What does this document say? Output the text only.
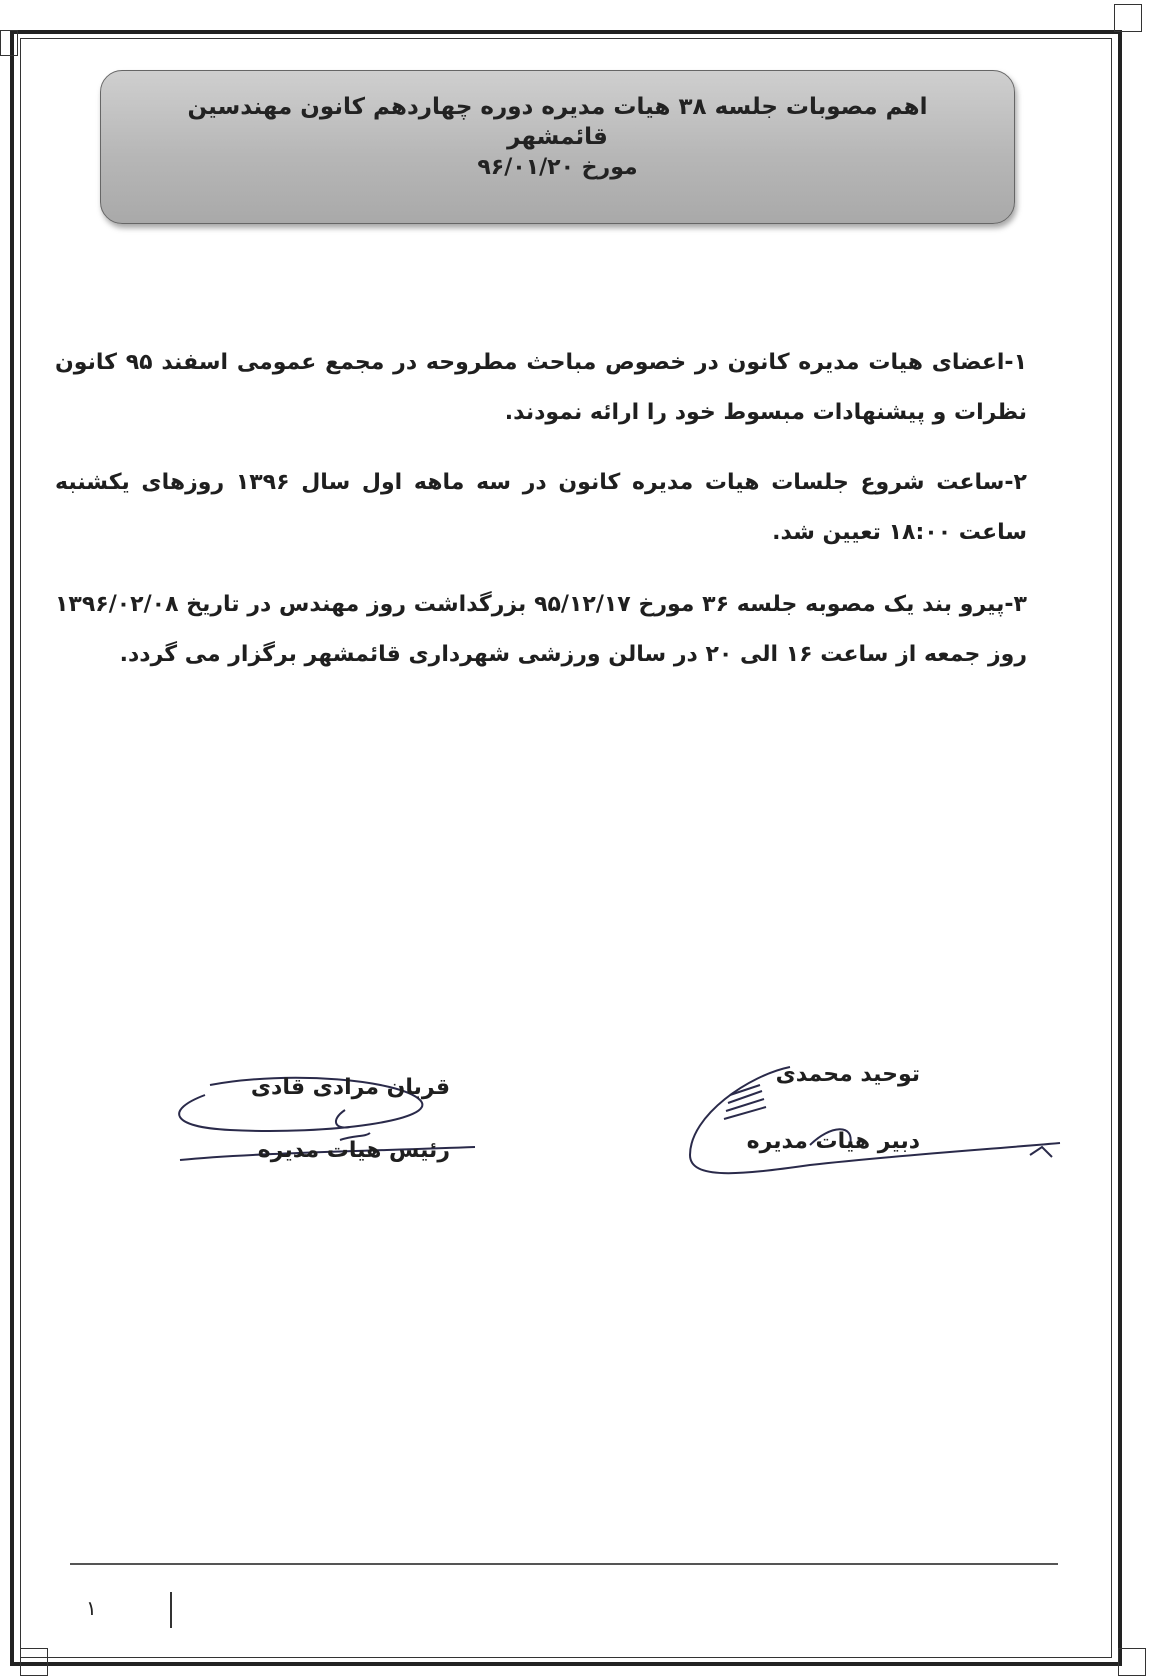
اهم مصوبات جلسه ۳۸ هیات مدیره دوره چهاردهم کانون مهندسین قائمشهر
مورخ ۹۶/۰۱/۲۰
۱-اعضای هیات مدیره کانون در خصوص مباحث مطروحه در مجمع عمومی اسفند ۹۵ کانون نظرات و پیشنهادات مبسوط خود را ارائه نمودند.
۲-ساعت شروع جلسات هیات مدیره کانون در سه ماهه اول سال ۱۳۹۶ روزهای یکشنبه ساعت ۱۸:۰۰ تعیین شد.
۳-پیرو بند یک مصوبه جلسه ۳۶ مورخ ۹۵/۱۲/۱۷ بزرگداشت روز مهندس در تاریخ ۱۳۹۶/۰۲/۰۸ روز جمعه از ساعت ۱۶ الی ۲۰ در سالن ورزشی شهرداری قائمشهر برگزار می گردد.
قربان مرادی قادی
رئیس هیات مدیره
توحید محمدی
دبیر هیات مدیره
۱
